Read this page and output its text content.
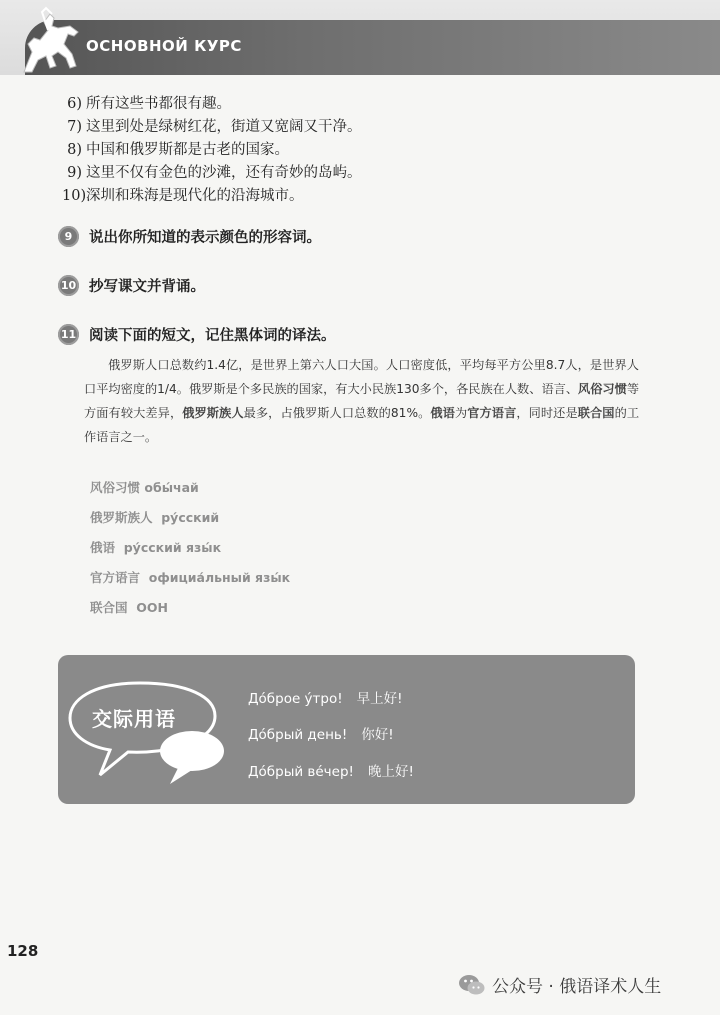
ОСНОВНОЙ КУРС
6) 所有这些书都很有趣。
7) 这里到处是绿树红花，街道又宽阔又干净。
8) 中国和俄罗斯都是古老的国家。
9) 这里不仅有金色的沙滩，还有奇妙的岛屿。
10)深圳和珠海是现代化的沿海城市。
9	说出你所知道的表示颜色的形容词。
10 抄写课文并背诵。
11 阅读下面的短文，记住黑体词的译法。
俄罗斯人口总数约1.4亿，是世界上第六人口大国。人口密度低，平均每平方公里8.7人，是世界人口平均密度的1/4。俄罗斯是个多民族的国家，有大小民族130多个，各民族在人数、语言、风俗习惯等方面有较大差异，俄罗斯族人最多，占俄罗斯人口总数的81%。俄语为官方语言，同时还是联合国的工作语言之一。
风俗习惯 обы́чай
俄罗斯族人 ру́сский
俄语 ру́сский язы́к
官方语言 официа́льный язы́к
联合国 ООН
交际用语
До́брое у́тро! 早上好!
До́брый день! 你好!
До́брый ве́чер! 晚上好!
128
公众号 · 俄语译术人生
